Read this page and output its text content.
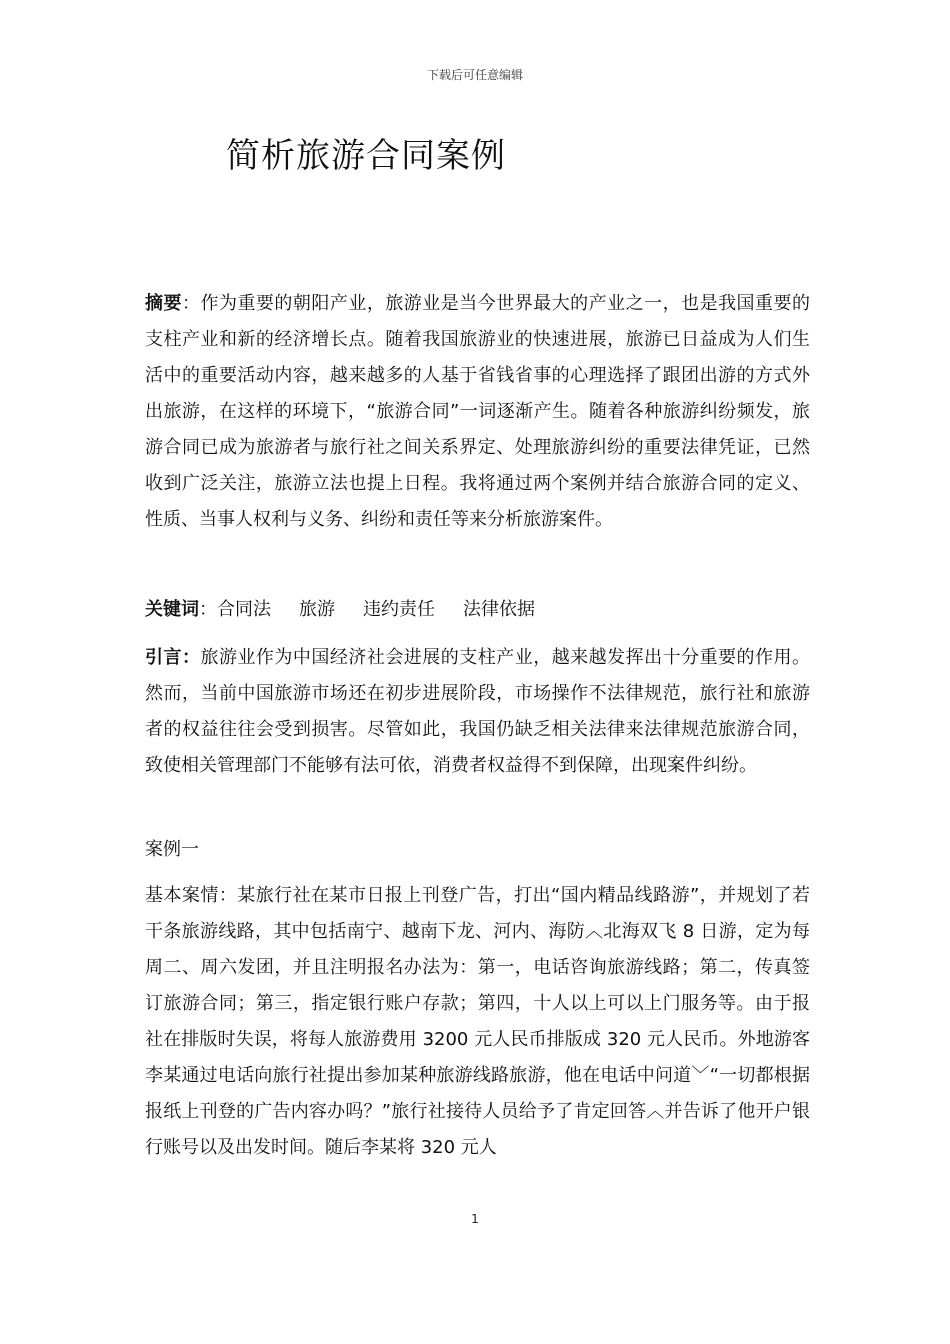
下载后可任意编辑
简析旅游合同案例

摘要：作为重要的朝阳产业，旅游业是当今世界最大的产业之一，也是我国重要的支柱产业和新的经济增长点。随着我国旅游业的快速进展，旅游已日益成为人们生活中的重要活动内容，越来越多的人基于省钱省事的心理选择了跟团出游的方式外出旅游，在这样的环境下，“旅游合同”一词逐渐产生。随着各种旅游纠纷频发，旅游合同已成为旅游者与旅行社之间关系界定、处理旅游纠纷的重要法律凭证，已然收到广泛关注，旅游立法也提上日程。我将通过两个案例并结合旅游合同的定义、性质、当事人权利与义务、纠纷和责任等来分析旅游案件。

关键词：合同法 旅游 违约责任 法律依据

引言：旅游业作为中国经济社会进展的支柱产业，越来越发挥出十分重要的作用。然而，当前中国旅游市场还在初步进展阶段，市场操作不法律规范，旅行社和旅游者的权益往往会受到损害。尽管如此，我国仍缺乏相关法律来法律规范旅游合同，致使相关管理部门不能够有法可依，消费者权益得不到保障，出现案件纠纷。

案例一

基本案情：某旅行社在某市日报上刊登广告，打出“国内精品线路游”，并规划了若干条旅游线路，其中包括南宁、越南下龙、河内、海防︿北海双飞 8 日游，定为每周二、周六发团，并且注明报名办法为：第一，电话咨询旅游线路；第二，传真签订旅游合同；第三，指定银行账户存款；第四，十人以上可以上门服务等。由于报社在排版时失误，将每人旅游费用 3200 元人民币排版成 320 元人民币。外地游客李某通过电话向旅行社提出参加某种旅游线路旅游，他在电话中问道﹀“一切都根据报纸上刊登的广告内容办吗？”旅行社接待人员给予了肯定回答︿并告诉了他开户银行账号以及出发时间。随后李某将 320 元人

1
